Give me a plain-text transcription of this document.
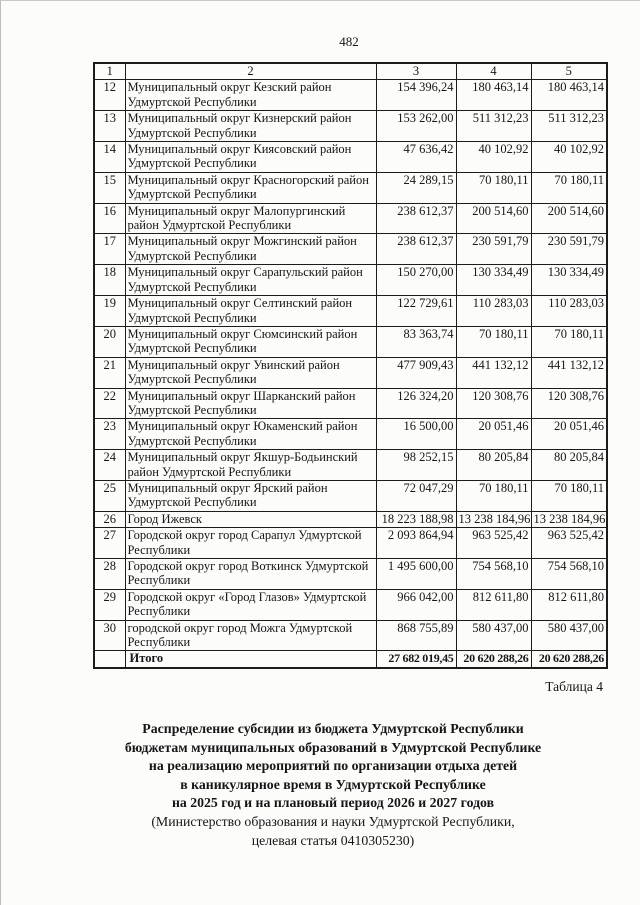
482
1	2	3	4	5
12	Муниципальный округ Кезский район Удмуртской Республики	154 396,24	180 463,14	180 463,14
13	Муниципальный округ Кизнерский район Удмуртской Республики	153 262,00	511 312,23	511 312,23
14	Муниципальный округ Киясовский район Удмуртской Республики	47 636,42	40 102,92	40 102,92
15	Муниципальный округ Красногорский район Удмуртской Республики	24 289,15	70 180,11	70 180,11
16	Муниципальный округ Малопургинский район Удмуртской Республики	238 612,37	200 514,60	200 514,60
17	Муниципальный округ Можгинский район Удмуртской Республики	238 612,37	230 591,79	230 591,79
18	Муниципальный округ Сарапульский район Удмуртской Республики	150 270,00	130 334,49	130 334,49
19	Муниципальный округ Селтинский район Удмуртской Республики	122 729,61	110 283,03	110 283,03
20	Муниципальный округ Сюмсинский район Удмуртской Республики	83 363,74	70 180,11	70 180,11
21	Муниципальный округ Увинский район Удмуртской Республики	477 909,43	441 132,12	441 132,12
22	Муниципальный округ Шарканский район Удмуртской Республики	126 324,20	120 308,76	120 308,76
23	Муниципальный округ Юкаменский район Удмуртской Республики	16 500,00	20 051,46	20 051,46
24	Муниципальный округ Якшур-Бодьинский район Удмуртской Республики	98 252,15	80 205,84	80 205,84
25	Муниципальный округ Ярский район Удмуртской Республики	72 047,29	70 180,11	70 180,11
26	Город Ижевск	18 223 188,98	13 238 184,96	13 238 184,96
27	Городской округ город Сарапул Удмуртской Республики	2 093 864,94	963 525,42	963 525,42
28	Городской округ город Воткинск Удмуртской Республики	1 495 600,00	754 568,10	754 568,10
29	Городской округ «Город Глазов» Удмуртской Республики	966 042,00	812 611,80	812 611,80
30	городской округ город Можга Удмуртской Республики	868 755,89	580 437,00	580 437,00
	Итого	27 682 019,45	20 620 288,26	20 620 288,26
Таблица 4
Распределение субсидии из бюджета Удмуртской Республики
бюджетам муниципальных образований в Удмуртской Республике
на реализацию мероприятий по организации отдыха детей
в каникулярное время в Удмуртской Республике
на 2025 год и на плановый период 2026 и 2027 годов
(Министерство образования и науки Удмуртской Республики,
целевая статья 0410305230)
